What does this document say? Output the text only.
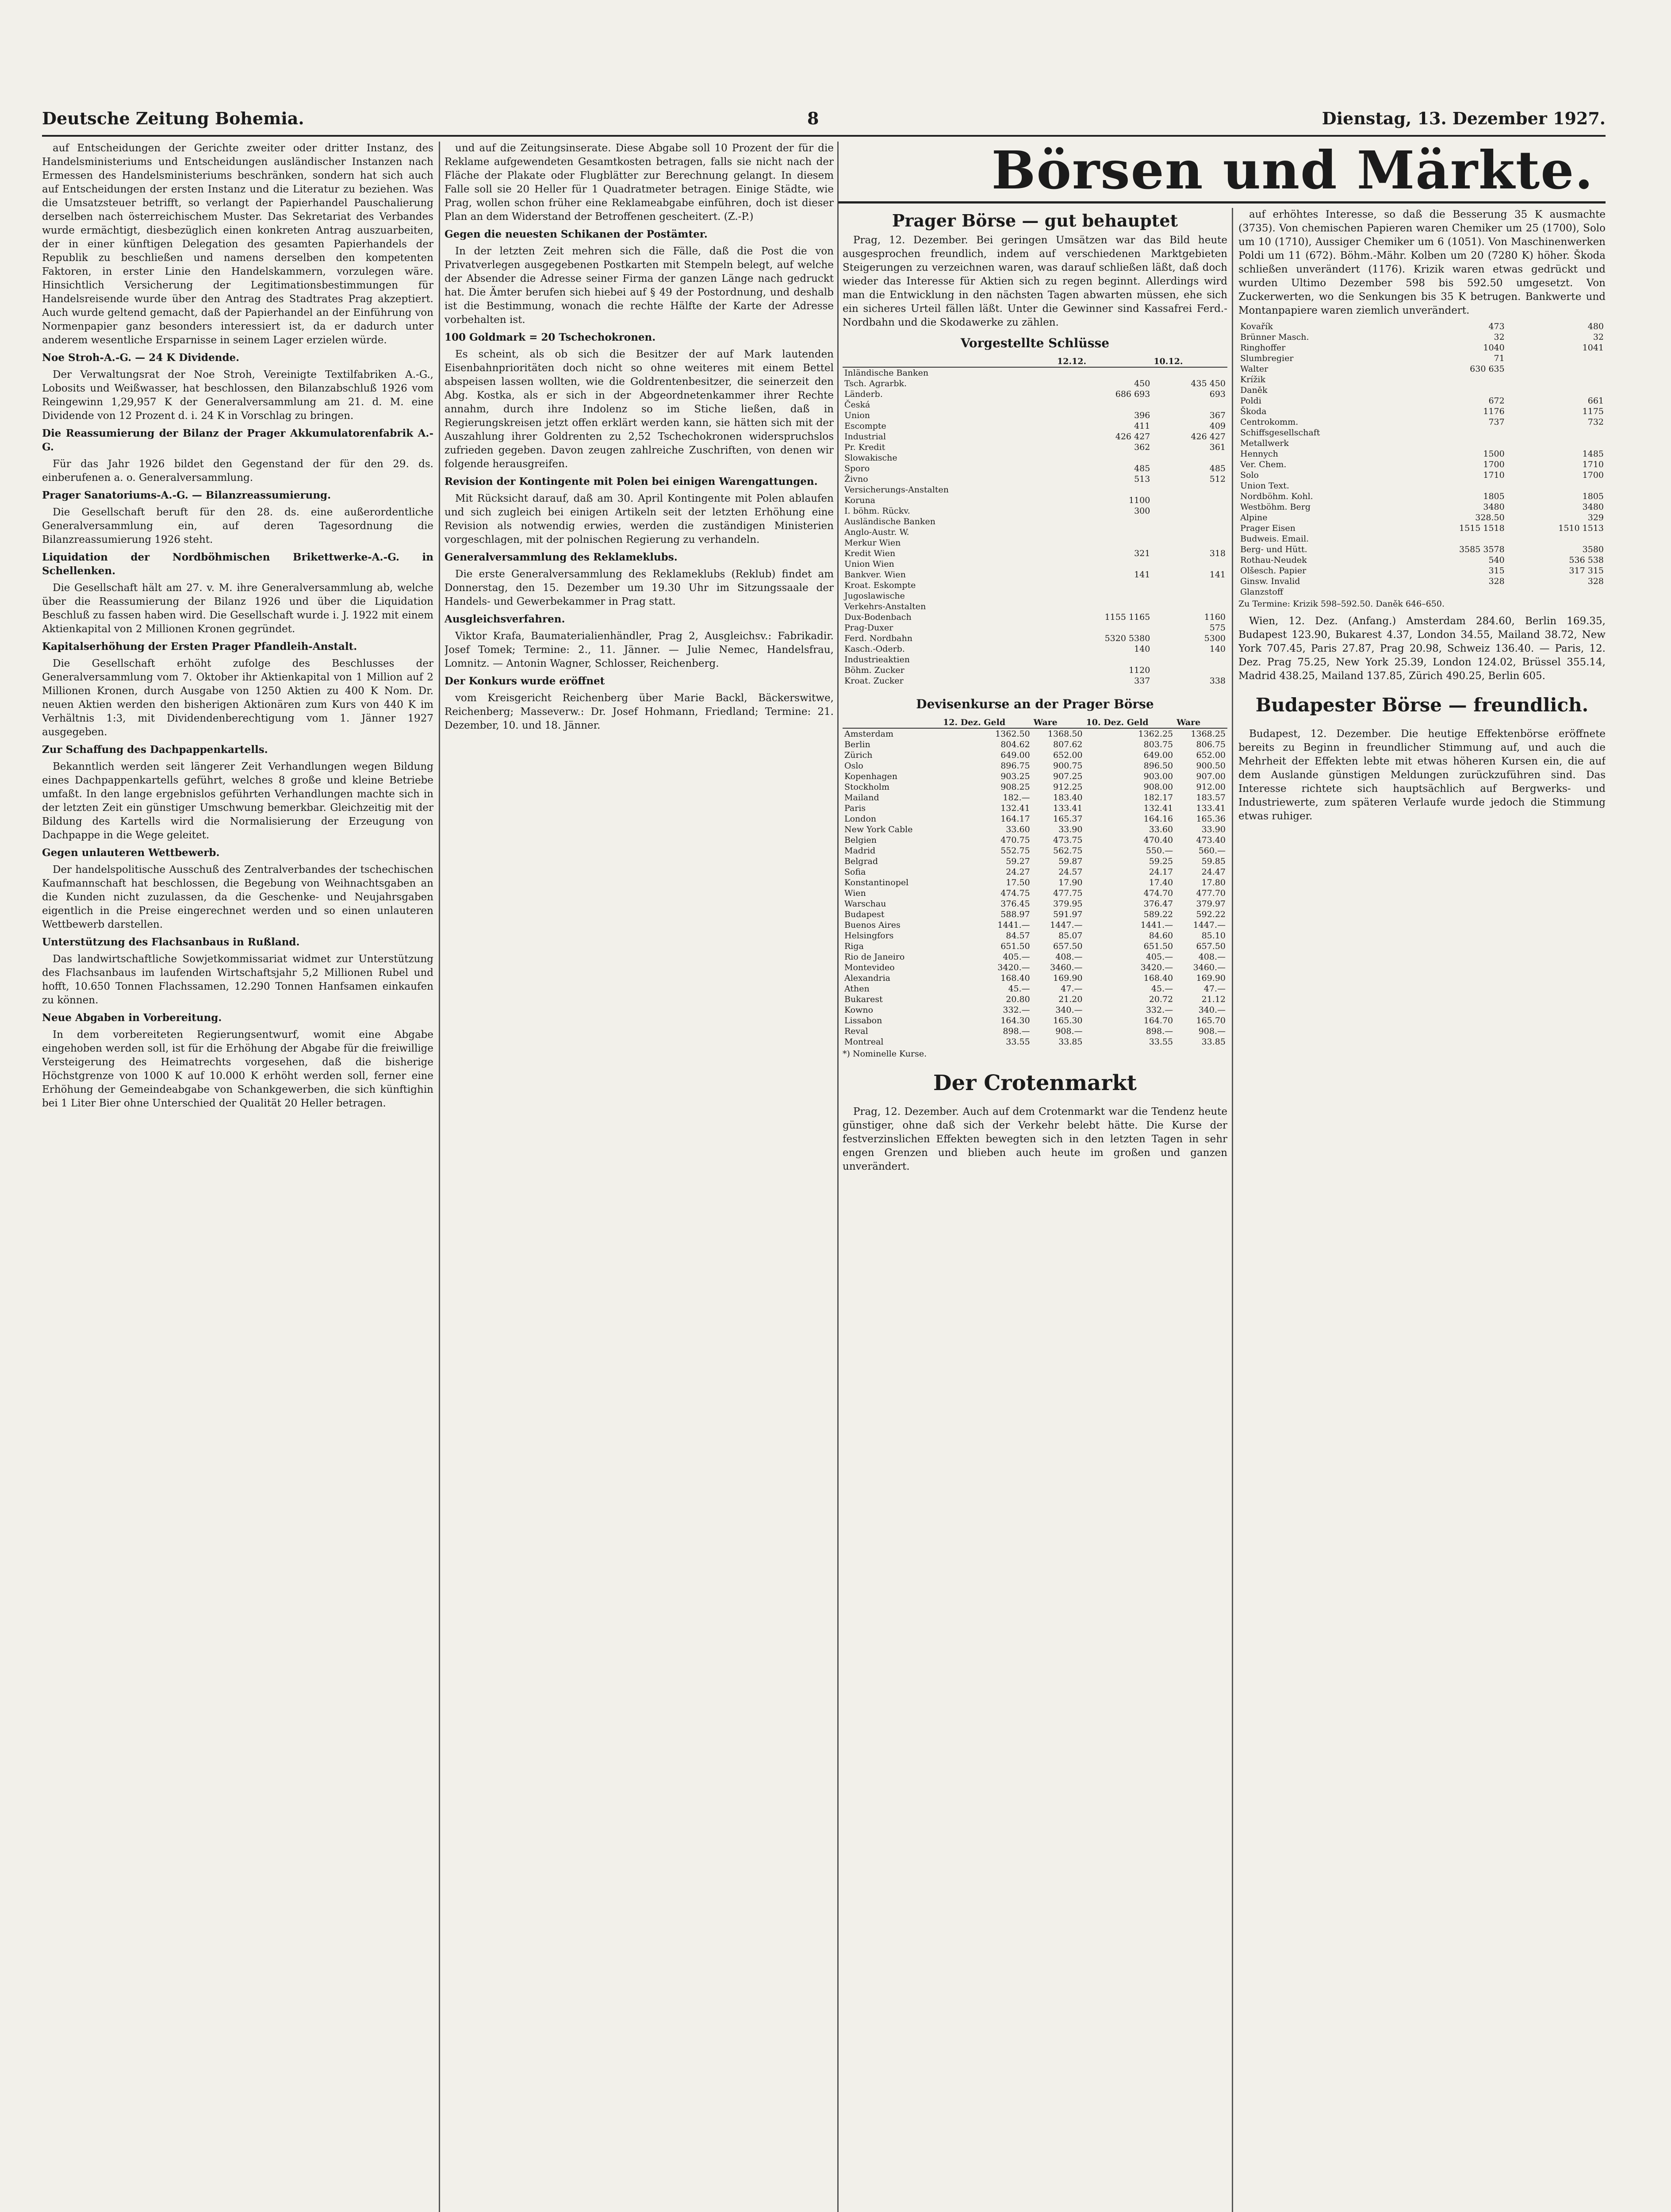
Deutsche Zeitung Bohemia.	8	Dienstag, 13. Dezember 1927.

auf Entscheidungen der Gerichte zweiter oder dritter Instanz, des Handelsministeriums und Entscheidungen ausländischer Instanzen nach Ermessen des Handelsministeriums beschränken, sondern hat sich auch auf Entscheidungen der ersten Instanz und die Literatur zu beziehen. Was die Umsatzsteuer betrifft, so verlangt der Papierhandel Pauschalierung derselben nach österreichischem Muster. Das Sekretariat des Verbandes wurde ermächtigt, diesbezüglich einen konkreten Antrag auszuarbeiten, der in einer künftigen Delegation des gesamten Papierhandels der Republik zu beschließen und namens derselben den kompetenten Faktoren, in erster Linie den Handelskammern, vorzulegen wäre. Hinsichtlich Versicherung der Legitimationsbestimmungen für Handelsreisende wurde über den Antrag des Stadtrates Prag akzeptiert. Auch wurde geltend gemacht, daß der Papierhandel an der Einführung von Normenpapier ganz besonders interessiert ist, da er dadurch unter anderem wesentliche Ersparnisse in seinem Lager erzielen würde.

Noe Stroh-A.-G. — 24 K Dividende.

Der Verwaltungsrat der Noe Stroh, Vereinigte Textilfabriken A.-G., Lobosits und Weißwasser, hat beschlossen, den Bilanzabschluß 1926 vom Reingewinn 1,29,957 K der Generalversammlung am 21. d. M. eine Dividende von 12 Prozent d. i. 24 K in Vorschlag zu bringen.

Die Reassumierung der Bilanz der Prager Akkumulatorenfabrik A.-G.

Für das Jahr 1926 bildet den Gegenstand der für den 29. ds. einberufenen a. o. Generalversammlung.

Prager Sanatoriums-A.-G. — Bilanzreassumierung.

Die Gesellschaft beruft für den 28. ds. eine außerordentliche Generalversammlung ein, auf deren Tagesordnung die Bilanzreassumierung 1926 steht.

Liquidation der Nordböhmischen Brikettwerke-A.-G. in Schellenken.

Die Gesellschaft hält am 27. v. M. ihre Generalversammlung ab, welche über die Reassumierung der Bilanz 1926 und über die Liquidation Beschluß zu fassen haben wird. Die Gesellschaft wurde i. J. 1922 mit einem Aktienkapital von 2 Millionen Kronen gegründet.

Kapitalserhöhung der Ersten Prager Pfandleih-Anstalt.

Die Gesellschaft erhöht zufolge des Beschlusses der Generalversammlung vom 7. Oktober ihr Aktienkapital von 1 Million auf 2 Millionen Kronen, durch Ausgabe von 1250 Aktien zu 400 K Nom. Dr. neuen Aktien werden den bisherigen Aktionären zum Kurs von 440 K im Verhältnis 1:3, mit Dividendenberechtigung vom 1. Jänner 1927 ausgegeben.

Zur Schaffung des Dachpappenkartells.

Bekanntlich werden seit längerer Zeit Verhandlungen wegen Bildung eines Dachpappenkartells geführt, welches 8 große und kleine Betriebe umfaßt. In den lange ergebnislos geführten Verhandlungen machte sich in der letzten Zeit ein günstiger Umschwung bemerkbar. Gleichzeitig mit der Bildung des Kartells wird die Normalisierung der Erzeugung von Dachpappe in die Wege geleitet.

Gegen unlauteren Wettbewerb.

Der handelspolitische Ausschuß des Zentralverbandes der tschechischen Kaufmannschaft hat beschlossen, die Begebung von Weihnachtsgaben an die Kunden nicht zuzulassen, da die Geschenke- und Neujahrsgaben eigentlich in die Preise eingerechnet werden und so einen unlauteren Wettbewerb darstellen.

Unterstützung des Flachsanbaus in Rußland.

Das landwirtschaftliche Sowjetkommissariat widmet zur Unterstützung des Flachsanbaus im laufenden Wirtschaftsjahr 5,2 Millionen Rubel und hofft, 10.650 Tonnen Flachssamen, 12.290 Tonnen Hanfsamen einkaufen zu können.

Neue Abgaben in Vorbereitung.

In dem vorbereiteten Regierungsentwurf, womit eine Abgabe eingehoben werden soll, ist für die Erhöhung der Abgabe für die freiwillige Versteigerung des Heimatrechts vorgesehen, daß die bisherige Höchstgrenze von 1000 K auf 10.000 K erhöht werden soll, ferner eine Erhöhung der Gemeindeabgabe von Schankgewerben, die sich künftighin bei 1 Liter Bier ohne Unterschied der Qualität 20 Heller betragen.

und auf die Zeitungsinserate. Diese Abgabe soll 10 Prozent der für die Reklame aufgewendeten Gesamtkosten betragen, falls sie nicht nach der Fläche der Plakate oder Flugblätter zur Berechnung gelangt. In diesem Falle soll sie 20 Heller für 1 Quadratmeter betragen. Einige Städte, wie Prag, wollen schon früher eine Reklameabgabe einführen, doch ist dieser Plan an dem Widerstand der Betroffenen gescheitert. (Z.-P.)

Gegen die neuesten Schikanen der Postämter.

In der letzten Zeit mehren sich die Fälle, daß die Post die von Privatverlegen ausgegebenen Postkarten mit Stempeln belegt, auf welche der Absender die Adresse seiner Firma der ganzen Länge nach gedruckt hat. Die Ämter berufen sich hiebei auf § 49 der Postordnung, und deshalb ist die Bestimmung, wonach die rechte Hälfte der Karte der Adresse vorbehalten ist.

100 Goldmark = 20 Tschechokronen.

Es scheint, als ob sich die Besitzer der auf Mark lautenden Eisenbahnprioritäten doch nicht so ohne weiteres mit einem Bettel abspeisen lassen wollten, wie die Goldrentenbesitzer, die seinerzeit den Abg. Kostka, als er sich in der Abgeordnetenkammer ihrer Rechte annahm, durch ihre Indolenz so im Stiche ließen, daß in Regierungskreisen jetzt offen erklärt werden kann, sie hätten sich mit der Auszahlung ihrer Goldrenten zu 2,52 Tschechokronen widerspruchslos zufrieden gegeben. Davon zeugen zahlreiche Zuschriften, von denen wir folgende herausgreifen.

Revision der Kontingente mit Polen bei einigen Warengattungen.

Mit Rücksicht darauf, daß am 30. April Kontingente mit Polen ablaufen und sich zugleich bei einigen Artikeln seit der letzten Erhöhung eine Revision als notwendig erwies, werden die zuständigen Ministerien vorgeschlagen, mit der polnischen Regierung zu verhandeln.

Generalversammlung des Reklameklubs.

Die erste Generalversammlung des Reklameklubs (Reklub) findet am Donnerstag, den 15. Dezember um 19.30 Uhr im Sitzungssaale der Handels- und Gewerbekammer in Prag statt.

Ausgleichsverfahren.

Viktor Krafa, Baumaterialienhändler, Prag 2, Ausgleichsv.: Fabrikadir. Josef Tomek; Termine: 2., 11. Jänner. — Julie Nemec, Handelsfrau, Lomnitz. — Antonin Wagner, Schlosser, Reichenberg.

Der Konkurs wurde eröffnet

vom Kreisgericht Reichenberg über Marie Backl, Bäckerswitwe, Reichenberg; Masseverw.: Dr. Josef Hohmann, Friedland; Termine: 21. Dezember, 10. und 18. Jänner.

Börsen und Märkte.
Prager Börse — gut behauptet

Prag, 12. Dezember. Bei geringen Umsätzen war das Bild heute ausgesprochen freundlich, indem auf verschiedenen Marktgebieten Steigerungen zu verzeichnen waren, was darauf schließen läßt, daß doch wieder das Interesse für Aktien sich zu regen beginnt. Allerdings wird man die Entwicklung in den nächsten Tagen abwarten müssen, ehe sich ein sicheres Urteil fällen läßt. Unter die Gewinner sind Kassafrei Ferd.-Nordbahn und die Skodawerke zu zählen.

Vorgestellte Schlüsse
	12.12.	10.12.
Inländische Banken		
Tsch. Agrarbk.	450	435 450
Länderb.	686 693	693
Česká		
Union	396	367
Escompte	411	409
Industrial	426 427	426 427
Pr. Kredit	362	361
Slowakische		
Sporo	485	485
Živno	513	512
Versicherungs-Anstalten		
Koruna	1100	
I. böhm. Rückv.	300	
Ausländische Banken		
Anglo-Austr. W.		
Merkur Wien		
Kredit Wien	321	318
Union Wien		
Bankver. Wien	141	141
Kroat. Eskompte		
Jugoslawische		
Verkehrs-Anstalten		
Dux-Bodenbach	1155 1165	1160
Prag-Duxer		575
Ferd. Nordbahn	5320 5380	5300
Kasch.-Oderb.	140	140
Industrieaktien		
Böhm. Zucker	1120	
Kroat. Zucker	337	338
Devisenkurse an der Prager Börse
	12. Dez. Geld	Ware	10. Dez. Geld	Ware
Amsterdam	1362.50	1368.50	1362.25	1368.25
Berlin	804.62	807.62	803.75	806.75
Zürich	649.00	652.00	649.00	652.00
Oslo	896.75	900.75	896.50	900.50
Kopenhagen	903.25	907.25	903.00	907.00
Stockholm	908.25	912.25	908.00	912.00
Mailand	182.—	183.40	182.17	183.57
Paris	132.41	133.41	132.41	133.41
London	164.17	165.37	164.16	165.36
New York Cable	33.60	33.90	33.60	33.90
Belgien	470.75	473.75	470.40	473.40
Madrid	552.75	562.75	550.—	560.—
Belgrad	59.27	59.87	59.25	59.85
Sofia	24.27	24.57	24.17	24.47
Konstantinopel	17.50	17.90	17.40	17.80
Wien	474.75	477.75	474.70	477.70
Warschau	376.45	379.95	376.47	379.97
Budapest	588.97	591.97	589.22	592.22
Buenos Aires	1441.—	1447.—	1441.—	1447.—
Helsingfors	84.57	85.07	84.60	85.10
Riga	651.50	657.50	651.50	657.50
Rio de Janeiro	405.—	408.—	405.—	408.—
Montevideo	3420.—	3460.—	3420.—	3460.—
Alexandria	168.40	169.90	168.40	169.90
Athen	45.—	47.—	45.—	47.—
Bukarest	20.80	21.20	20.72	21.12
Kowno	332.—	340.—	332.—	340.—
Lissabon	164.30	165.30	164.70	165.70
Reval	898.—	908.—	898.—	908.—
Montreal	33.55	33.85	33.55	33.85

*) Nominelle Kurse.

Der Crotenmarkt

Prag, 12. Dezember. Auch auf dem Crotenmarkt war die Tendenz heute günstiger, ohne daß sich der Verkehr belebt hätte. Die Kurse der festverzinslichen Effekten bewegten sich in den letzten Tagen in sehr engen Grenzen und blieben auch heute im großen und ganzen unverändert.

auf erhöhtes Interesse, so daß die Besserung 35 K ausmachte (3735). Von chemischen Papieren waren Chemiker um 25 (1700), Solo um 10 (1710), Aussiger Chemiker um 6 (1051). Von Maschinenwerken Poldi um 11 (672). Böhm.-Mähr. Kolben um 20 (7280 K) höher. Škoda schließen unverändert (1176). Krizik waren etwas gedrückt und wurden Ultimo Dezember 598 bis 592.50 umgesetzt. Von Zuckerwerten, wo die Senkungen bis 35 K betrugen. Bankwerte und Montanpapiere waren ziemlich unverändert.

Kovařík	473	480
Brünner Masch.	32	32
Ringhoffer	1040	1041
Slumbregier	71	
Walter	630 635	
Krížik		
Daněk		
Poldi	672	661
Škoda	1176	1175
Centrokomm.	737	732
Schiffsgesellschaft		
Metallwerk		
Hennych	1500	1485
Ver. Chem.	1700	1710
Solo	1710	1700
Union Text.		
Nordböhm. Kohl.	1805	1805
Westböhm. Berg	3480	3480
Alpine	328.50	329
Prager Eisen	1515 1518	1510 1513
Budweis. Email.		
Berg- und Hütt.	3585 3578	3580
Rothau-Neudek	540	536 538
Olšesch. Papier	315	317 315
Ginsw. Invalid	328	328
Glanzstoff		

Zu Termine: Krizik 598–592.50. Daněk 646–650.

Wien, 12. Dez. (Anfang.) Amsterdam 284.60, Berlin 169.35, Budapest 123.90, Bukarest 4.37, London 34.55, Mailand 38.72, New York 707.45, Paris 27.87, Prag 20.98, Schweiz 136.40. — Paris, 12. Dez. Prag 75.25, New York 25.39, London 124.02, Brüssel 355.14, Madrid 438.25, Mailand 137.85, Zürich 490.25, Berlin 605.

Budapester Börse — freundlich.

Budapest, 12. Dezember. Die heutige Effektenbörse eröffnete bereits zu Beginn in freundlicher Stimmung auf, und auch die Mehrheit der Effekten lebte mit etwas höheren Kursen ein, die auf dem Auslande günstigen Meldungen zurückzuführen sind. Das Interesse richtete sich hauptsächlich auf Bergwerks- und Industriewerte, zum späteren Verlaufe wurde jedoch die Stimmung etwas ruhiger.
